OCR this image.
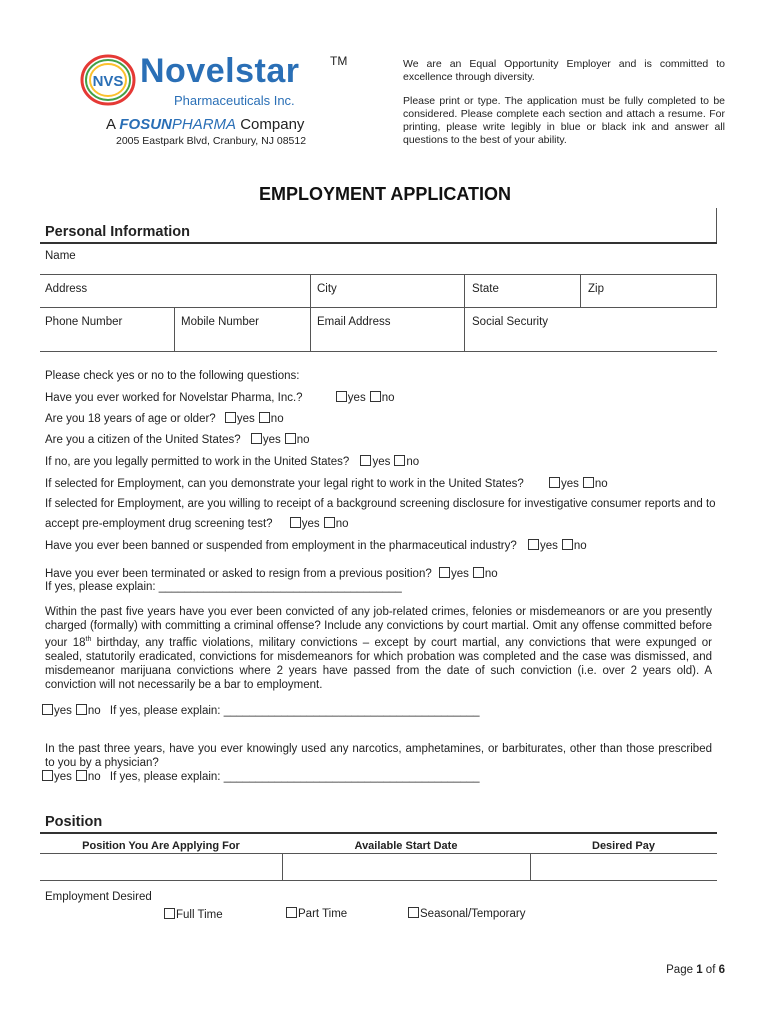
NVS Novelstar
Pharmaceuticals Inc.
TM
A FOSUNPHARMA Company
2005 Eastpark Blvd, Cranbury, NJ 08512
We are an Equal Opportunity Employer and is committed to excellence through diversity.
Please print or type. The application must be fully completed to be considered. Please complete each section and attach a resume. For printing, please write legibly in blue or black ink and answer all questions to the best of your ability.
EMPLOYMENT APPLICATION
Personal Information
Name
Address	City	State	Zip
Phone Number	Mobile Number	Email Address	Social Security
Please check yes or no to the following questions:
Have you ever worked for Novelstar Pharma, Inc.?	yes no
Are you 18 years of age or older? yes no
Are you a citizen of the United States? yes no
If no, are you legally permitted to work in the United States? yes no
If selected for Employment, can you demonstrate your legal right to work in the United States?	yes no
If selected for Employment, are you willing to receipt of a background screening disclosure for investigative consumer reports and to
accept pre-employment drug screening test?	yes no
Have you ever been banned or suspended from employment in the pharmaceutical industry? yes no
Have you ever been terminated or asked to resign from a previous position? yes no
If yes, please explain: ______________________________________
Within the past five years have you ever been convicted of any job-related crimes, felonies or misdemeanors or are you presently charged (formally) with committing a criminal offense? Include any convictions by court martial. Omit any offense committed before your 18th birthday, any traffic violations, military convictions – except by court martial, any convictions that were expunged or sealed, statutorily eradicated, convictions for misdemeanors for which probation was completed and the case was dismissed, and misdemeanor marijuana convictions where 2 years have passed from the date of such conviction (i.e. over 2 years old). A conviction will not necessarily be a bar to employment.
yes no If yes, please explain: ________________________________________
In the past three years, have you ever knowingly used any narcotics, amphetamines, or barbiturates, other than those prescribed to you by a physician?
yes no If yes, please explain: ________________________________________
Position
Position You Are Applying For	Available Start Date	Desired Pay
Employment Desired
Full Time	Part Time	Seasonal/Temporary
Page 1 of 6
